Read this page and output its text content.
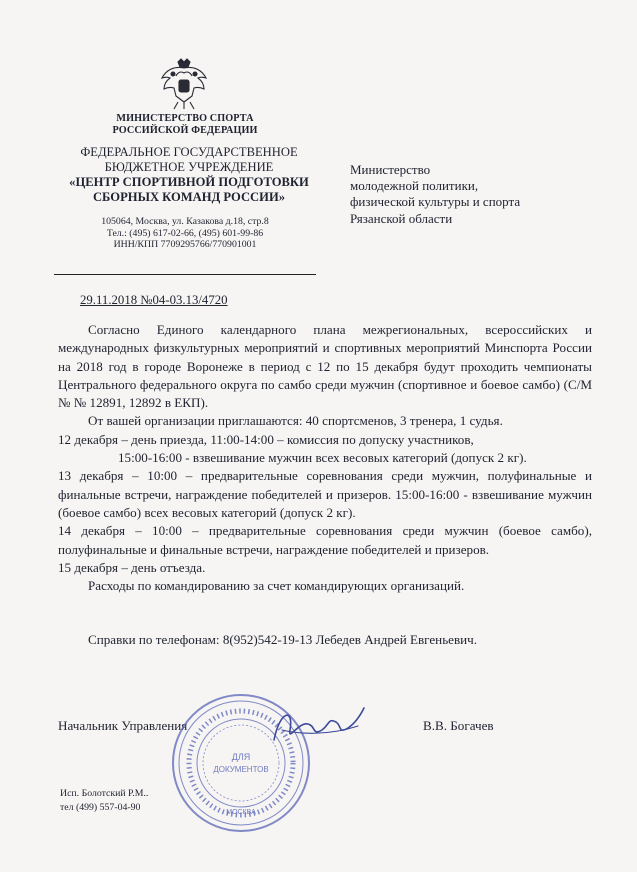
МИНИСТЕРСТВО СПОРТА
РОССИЙСКОЙ ФЕДЕРАЦИИ
ФЕДЕРАЛЬНОЕ ГОСУДАРСТВЕННОЕ
БЮДЖЕТНОЕ УЧРЕЖДЕНИЕ
«ЦЕНТР СПОРТИВНОЙ ПОДГОТОВКИ
СБОРНЫХ КОМАНД РОССИИ»
105064, Москва, ул. Казакова д.18, стр.8
Тел.: (495) 617-02-66, (495) 601-99-86
ИНН/КПП 7709295766/770901001
29.11.2018 №04-03.13/4720
Министерство
молодежной политики,
физической культуры и спорта
Рязанской области

Согласно Единого календарного плана межрегиональных, всероссийских и международных физкультурных мероприятий и спортивных мероприятий Минспорта России на 2018 год в городе Воронеже в период с 12 по 15 декабря будут проходить чемпионаты Центрального федерального округа по самбо среди мужчин (спортивное и боевое самбо) (С/М № № 12891, 12892 в ЕКП).

От вашей организации приглашаются: 40 спортсменов, 3 тренера, 1 судья.

12 декабря – день приезда, 11:00-14:00 – комиссия по допуску участников,

15:00-16:00 - взвешивание мужчин всех весовых категорий (допуск 2 кг).

13 декабря – 10:00 – предварительные соревнования среди мужчин, полуфинальные и финальные встречи, награждение победителей и призеров. 15:00-16:00 - взвешивание мужчин (боевое самбо) всех весовых категорий (допуск 2 кг).

14 декабря – 10:00 – предварительные соревнования среди мужчин (боевое самбо), полуфинальные и финальные встречи, награждение победителей и призеров.

15 декабря – день отъезда.

Расходы по командированию за счет командирующих организаций.

Справки по телефонам: 8(952)542-19-13 Лебедев Андрей Евгеньевич.
Начальник Управления	В.В. Богачев
ДЛЯ
ДОКУМЕНТОВ
МОСКВА
Исп. Болотский Р.М..
тел (499) 557-04-90
